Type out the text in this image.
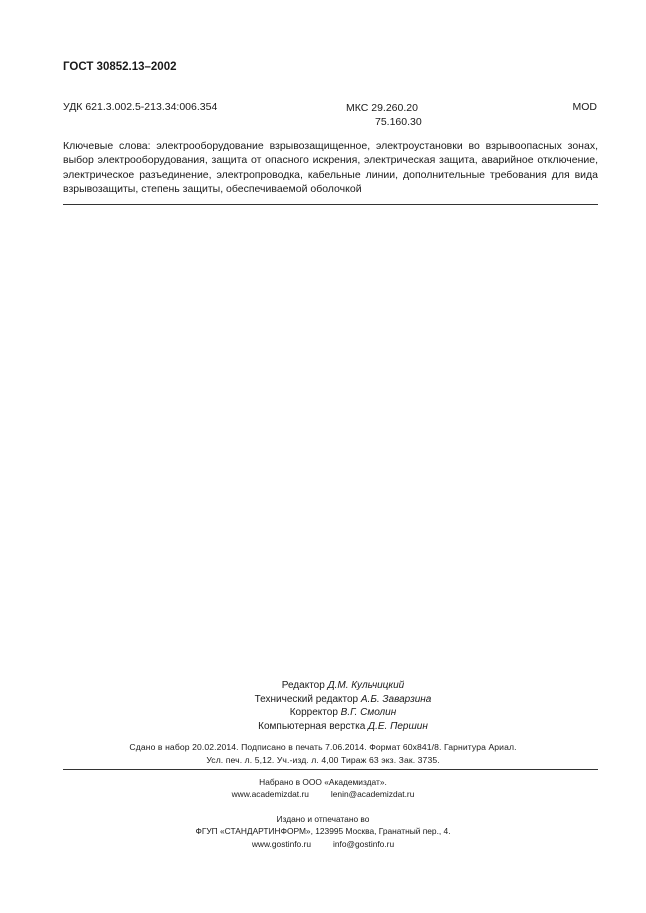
ГОСТ 30852.13–2002
УДК 621.3.002.5-213.34:006.354	МКС 29.260.20
75.160.30
MOD
Ключевые слова: электрооборудование взрывозащищенное, электроустановки во взрывоопасных зонах, выбор электрооборудования, защита от опасного искрения, электрическая защита, аварийное отключение, электрическое разъединение, электропроводка, кабельные линии, дополнительные требования для вида взрывозащиты, степень защиты, обеспечиваемой оболочкой
Редактор Д.М. Кульчицкий
Технический редактор А.Б. Заварзина
Корректор В.Г. Смолин
Компьютерная верстка Д.Е. Першин
Сдано в набор 20.02.2014. Подписано в печать 7.06.2014. Формат 60х841/8. Гарнитура Ариал.
Усл. печ. л. 5,12. Уч.-изд. л. 4,00 Тираж 63 экз. Зак. 3735.
Набрано в ООО «Академиздат».
www.academizdat.ru	lenin@academizdat.ru
Издано и отпечатано во
ФГУП «СТАНДАРТИНФОРМ», 123995 Москва, Гранатный пер., 4.
www.gostinfo.ru	info@gostinfo.ru
